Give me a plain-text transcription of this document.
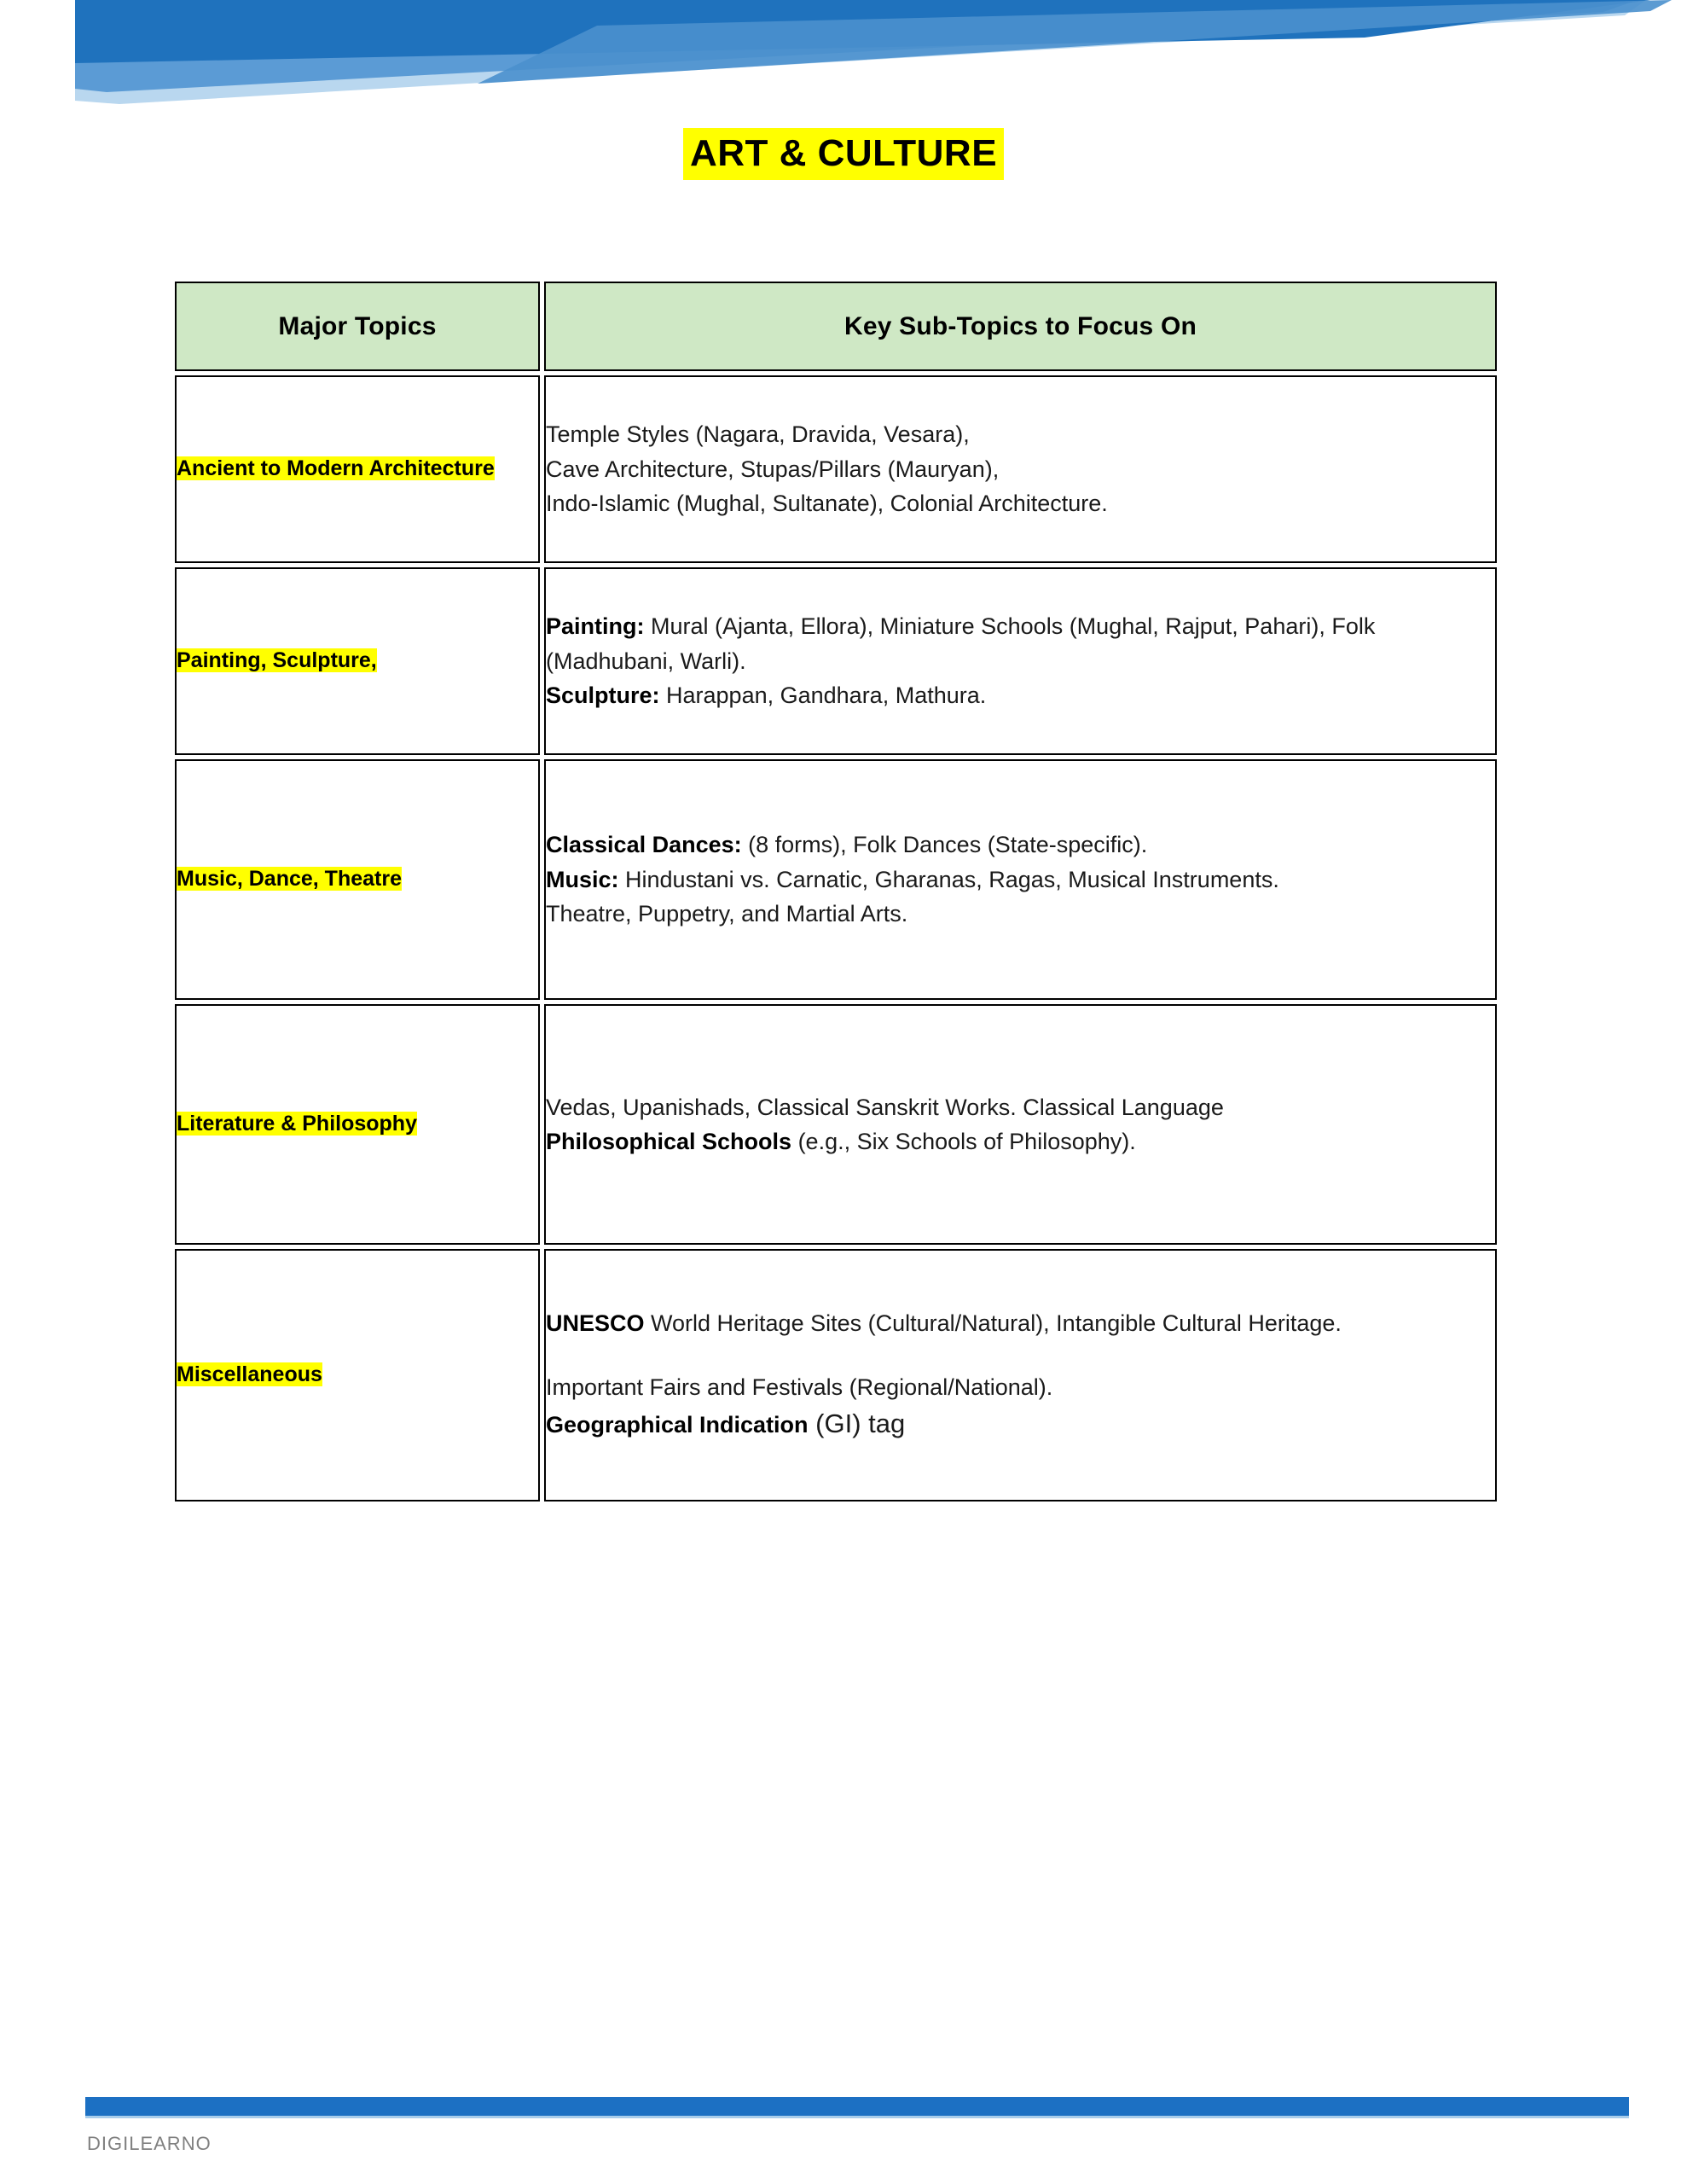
ART & CULTURE
Major Topics	Key Sub-Topics to Focus On
Ancient to Modern Architecture	Temple Styles (Nagara, Dravida, Vesara),
Cave Architecture, Stupas/Pillars (Mauryan),
Indo-Islamic (Mughal, Sultanate), Colonial Architecture.

Painting, Sculpture,	Painting: Mural (Ajanta, Ellora), Miniature Schools (Mughal, Rajput, Pahari), Folk (Madhubani, Warli).
Sculpture: Harappan, Gandhara, Mathura.

Music, Dance, Theatre	Classical Dances: (8 forms), Folk Dances (State-specific).
Music: Hindustani vs. Carnatic, Gharanas, Ragas, Musical Instruments.
Theatre, Puppetry, and Martial Arts.

Literature & Philosophy	Vedas, Upanishads, Classical Sanskrit Works. Classical Language
Philosophical Schools (e.g., Six Schools of Philosophy).

Miscellaneous	UNESCO World Heritage Sites (Cultural/Natural), Intangible Cultural Heritage.
Important Fairs and Festivals (Regional/National).
Geographical Indication (GI) tag
DIGILEARNO
